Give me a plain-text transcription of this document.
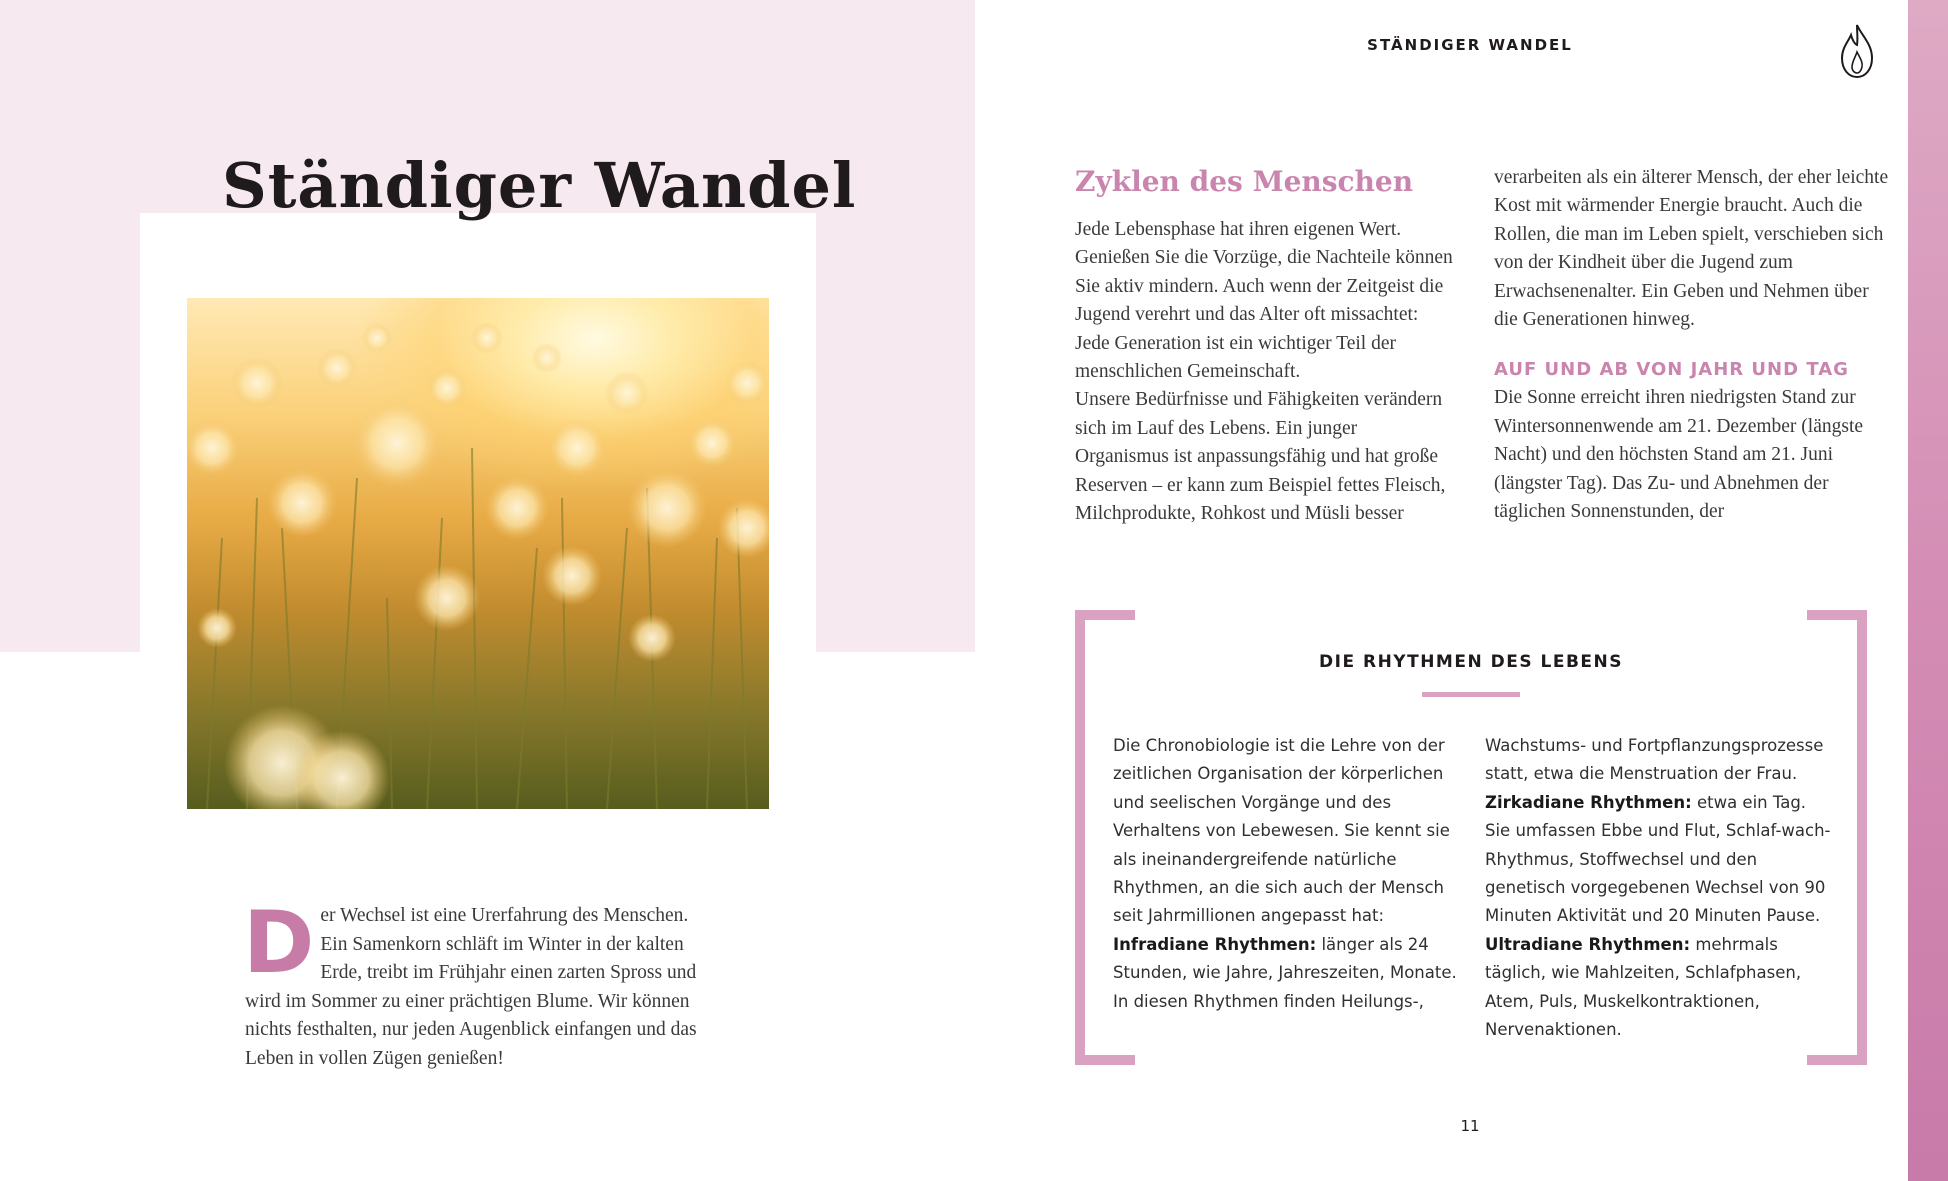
Ständiger Wandel
Der Wechsel ist eine Urerfahrung des Menschen. Ein Samenkorn schläft im Winter in der kalten Erde, treibt im Frühjahr einen zarten Spross und wird im Sommer zu einer prächtigen Blume. Wir können nichts festhalten, nur jeden Augenblick einfangen und das Leben in vollen Zügen genießen!
STÄNDIGER WANDEL
Zyklen des Menschen

Jede Lebensphase hat ihren eigenen Wert. Genießen Sie die Vorzüge, die Nachteile können Sie aktiv mindern. Auch wenn der Zeitgeist die Jugend verehrt und das Alter oft missachtet: Jede Generation ist ein wichtiger Teil der menschlichen Gemeinschaft.

Unsere Bedürfnisse und Fähigkeiten verändern sich im Lauf des Lebens. Ein junger Organismus ist anpassungsfähig und hat große Reserven – er kann zum Beispiel fettes Fleisch, Milchprodukte, Rohkost und Müsli besser

verarbeiten als ein älterer Mensch, der eher leichte Kost mit wärmender Energie braucht. Auch die Rollen, die man im Leben spielt, verschieben sich von der Kindheit über die Jugend zum Erwachsenenalter. Ein Geben und Nehmen über die Generationen hinweg.

AUF UND AB VON JAHR UND TAG

Die Sonne erreicht ihren niedrigsten Stand zur Wintersonnenwende am 21. Dezember (längste Nacht) und den höchsten Stand am 21. Juni (längster Tag). Das Zu- und Abnehmen der täglichen Sonnenstunden, der

DIE RHYTHMEN DES LEBENS

Die Chronobiologie ist die Lehre von der zeitlichen Organisation der körperlichen und seelischen Vorgänge und des Verhaltens von Lebewesen. Sie kennt sie als ineinandergreifende natürliche Rhythmen, an die sich auch der Mensch seit Jahrmillionen angepasst hat:

Infradiane Rhythmen: länger als 24 Stunden, wie Jahre, Jahreszeiten, Monate. In diesen Rhythmen finden Heilungs-,

Wachstums- und Fortpflanzungsprozesse statt, etwa die Menstruation der Frau.

Zirkadiane Rhythmen: etwa ein Tag. Sie umfassen Ebbe und Flut, Schlaf-wach-Rhythmus, Stoffwechsel und den genetisch vorgegebenen Wechsel von 90 Minuten Aktivität und 20 Minuten Pause.

Ultradiane Rhythmen: mehrmals täglich, wie Mahlzeiten, Schlafphasen, Atem, Puls, Muskelkontraktionen, Nervenaktionen.

11
